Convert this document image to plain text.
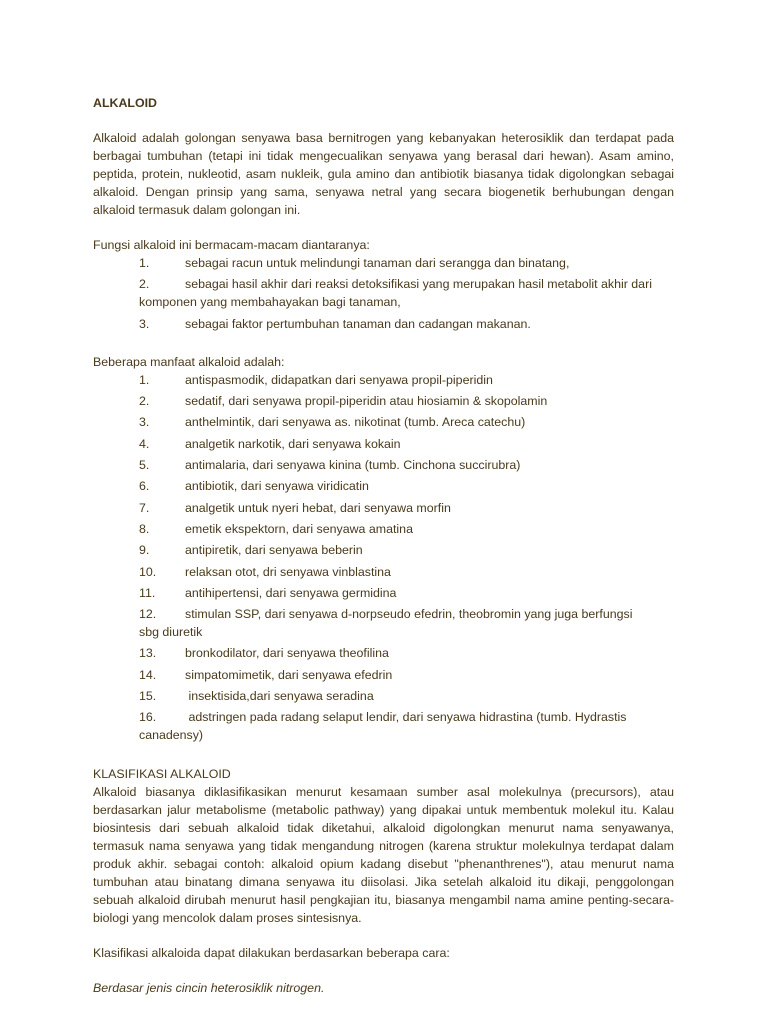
ALKALOID

Alkaloid adalah golongan senyawa basa bernitrogen yang kebanyakan heterosiklik dan terdapat pada berbagai tumbuhan (tetapi ini tidak mengecualikan senyawa yang berasal dari hewan). Asam amino, peptida, protein, nukleotid, asam nukleik, gula amino dan antibiotik biasanya tidak digolongkan sebagai alkaloid. Dengan prinsip yang sama, senyawa netral yang secara biogenetik berhubungan dengan alkaloid termasuk dalam golongan ini.

Fungsi alkaloid ini bermacam-macam diantaranya:

1.	sebagai racun untuk melindungi tanaman dari serangga dan binatang,
2.	sebagai hasil akhir dari reaksi detoksifikasi yang merupakan hasil metabolit akhir dari
komponen yang membahayakan bagi tanaman,
3.	sebagai faktor pertumbuhan tanaman dan cadangan makanan.

Beberapa manfaat alkaloid adalah:

1.	antispasmodik, didapatkan dari senyawa propil-piperidin
2.	sedatif, dari senyawa propil-piperidin atau hiosiamin & skopolamin
3.	anthelmintik, dari senyawa as. nikotinat (tumb. Areca catechu)
4.	analgetik narkotik, dari senyawa kokain
5.	antimalaria, dari senyawa kinina (tumb. Cinchona succirubra)
6.	antibiotik, dari senyawa viridicatin
7.	analgetik untuk nyeri hebat, dari senyawa morfin
8.	emetik ekspektorn, dari senyawa amatina
9.	antipiretik, dari senyawa beberin
10.	relaksan otot, dri senyawa vinblastina
11.	antihipertensi, dari senyawa germidina
12.	stimulan SSP, dari senyawa d-norpseudo efedrin, theobromin yang juga berfungsi
sbg diuretik
13.	bronkodilator, dari senyawa theofilina
14.	simpatomimetik, dari senyawa efedrin
15.	insektisida,dari senyawa seradina
16.	adstringen pada radang selaput lendir, dari senyawa hidrastina (tumb. Hydrastis
canadensy)

KLASIFIKASI ALKALOID

Alkaloid biasanya diklasifikasikan menurut kesamaan sumber asal molekulnya (precursors), atau berdasarkan jalur metabolisme (metabolic pathway) yang dipakai untuk membentuk molekul itu. Kalau biosintesis dari sebuah alkaloid tidak diketahui, alkaloid digolongkan menurut nama senyawanya, termasuk nama senyawa yang tidak mengandung nitrogen (karena struktur molekulnya terdapat dalam produk akhir. sebagai contoh: alkaloid opium kadang disebut "phenanthrenes"), atau menurut nama tumbuhan atau binatang dimana senyawa itu diisolasi. Jika setelah alkaloid itu dikaji, penggolongan sebuah alkaloid dirubah menurut hasil pengkajian itu, biasanya mengambil nama amine penting-secara-biologi yang mencolok dalam proses sintesisnya.

Klasifikasi alkaloida dapat dilakukan berdasarkan beberapa cara:

Berdasar jenis cincin heterosiklik nitrogen.
